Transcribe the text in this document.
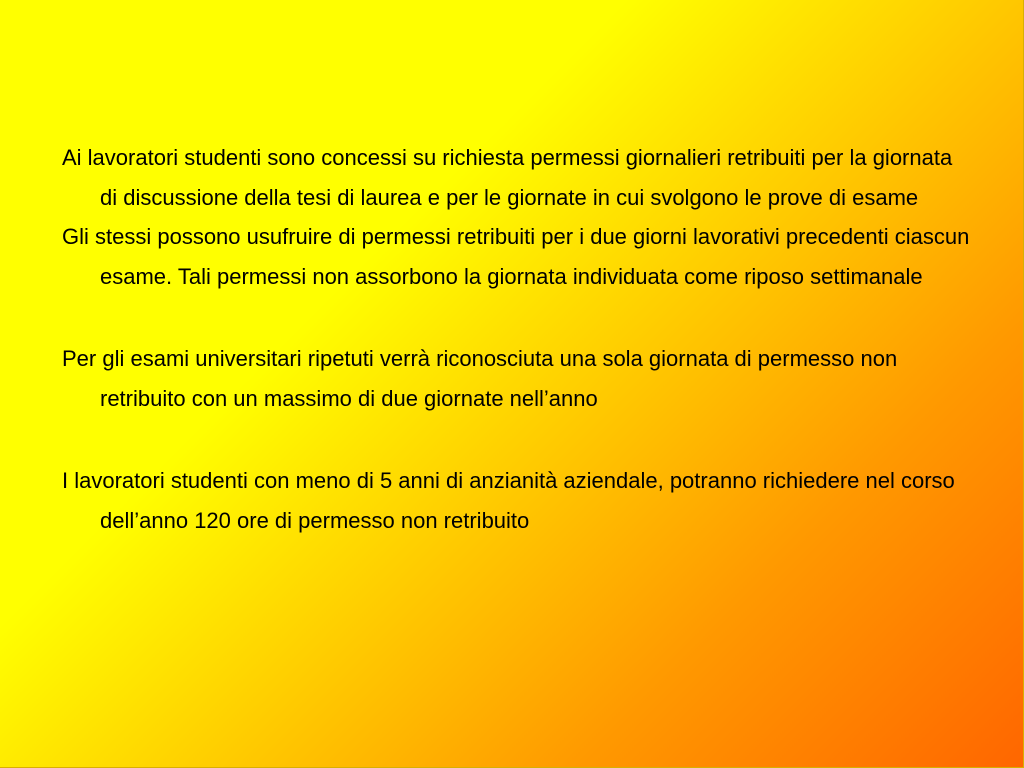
Ai lavoratori studenti sono concessi su richiesta permessi giornalieri retribuiti per la giornata di discussione della tesi di laurea e per le giornate in cui svolgono le prove di esame

Gli stessi possono usufruire di permessi retribuiti per i due giorni lavorativi precedenti ciascun esame. Tali permessi non assorbono la giornata individuata come riposo settimanale

Per gli esami universitari ripetuti verrà riconosciuta una sola giornata di permesso non retribuito con un massimo di due giornate nell’anno

I lavoratori studenti con meno di 5 anni di anzianità aziendale, potranno richiedere nel corso dell’anno 120 ore di permesso non retribuito
